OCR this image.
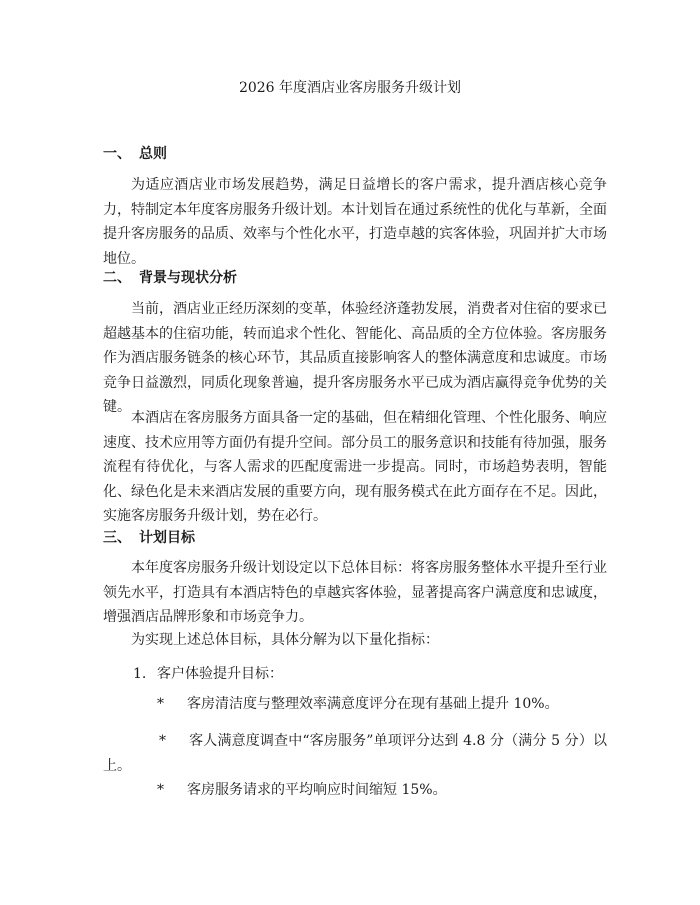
2026 年度酒店业客房服务升级计划
一、 总则

为适应酒店业市场发展趋势，满足日益增长的客户需求，提升酒店核心竞争力，特制定本年度客房服务升级计划。本计划旨在通过系统性的优化与革新，全面提升客房服务的品质、效率与个性化水平，打造卓越的宾客体验，巩固并扩大市场地位。

二、 背景与现状分析

当前，酒店业正经历深刻的变革，体验经济蓬勃发展，消费者对住宿的要求已超越基本的住宿功能，转而追求个性化、智能化、高品质的全方位体验。客房服务作为酒店服务链条的核心环节，其品质直接影响客人的整体满意度和忠诚度。市场竞争日益激烈，同质化现象普遍，提升客房服务水平已成为酒店赢得竞争优势的关键。

本酒店在客房服务方面具备一定的基础，但在精细化管理、个性化服务、响应速度、技术应用等方面仍有提升空间。部分员工的服务意识和技能有待加强，服务流程有待优化，与客人需求的匹配度需进一步提高。同时，市场趋势表明，智能化、绿色化是未来酒店发展的重要方向，现有服务模式在此方面存在不足。因此，实施客房服务升级计划，势在必行。

三、 计划目标

本年度客房服务升级计划设定以下总体目标：将客房服务整体水平提升至行业领先水平，打造具有本酒店特色的卓越宾客体验，显著提高客户满意度和忠诚度，增强酒店品牌形象和市场竞争力。

为实现上述总体目标，具体分解为以下量化指标：

1. 客户体验提升目标：

* 客房清洁度与整理效率满意度评分在现有基础上提升 10%。

* 客人满意度调查中“客房服务”单项评分达到 4.8 分（满分 5 分）以上。

* 客房服务请求的平均响应时间缩短 15%。
